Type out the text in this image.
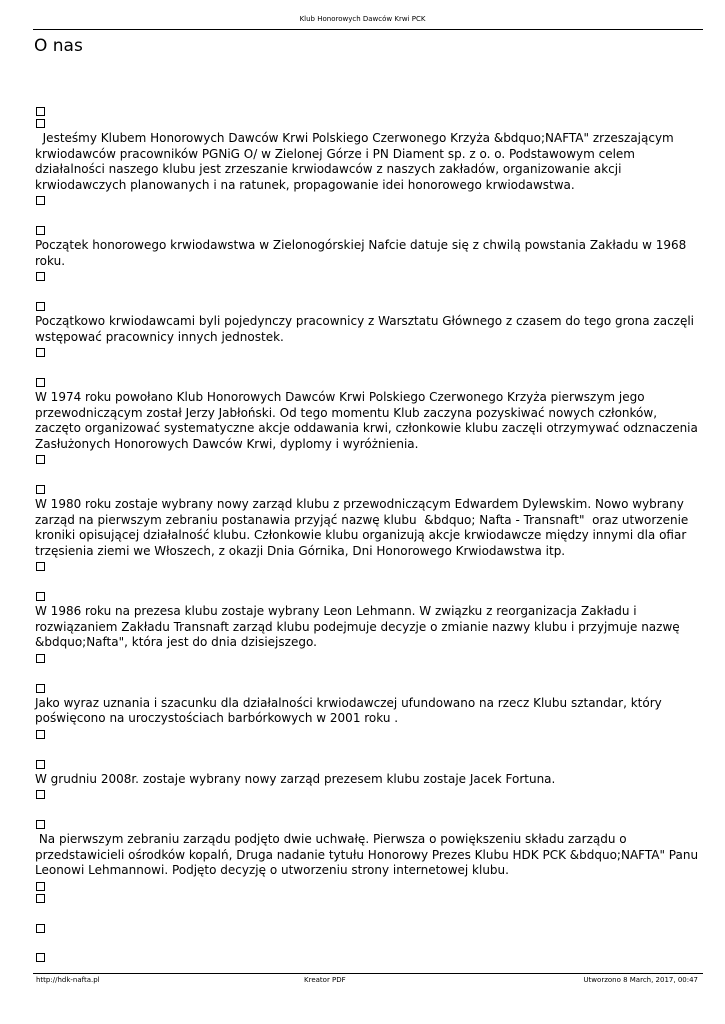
Klub Honorowych Dawców Krwi PCK
O nas

Jesteśmy Klubem Honorowych Dawców Krwi Polskiego Czerwonego Krzyża &bdquo;NAFTA" zrzeszającym krwiodawców pracowników PGNiG O/ w Zielonej Górze i PN Diament sp. z o. o. Podstawowym celem działalności naszego klubu jest zrzeszanie krwiodawców z naszych zakładów, organizowanie akcji krwiodawczych planowanych i na ratunek, propagowanie idei honorowego krwiodawstwa.

Początek honorowego krwiodawstwa w Zielonogórskiej Nafcie datuje się z chwilą powstania Zakładu w 1968 roku.

Początkowo krwiodawcami byli pojedynczy pracownicy z Warsztatu Głównego z czasem do tego grona zaczęli wstępować pracownicy innych jednostek.

W 1974 roku powołano Klub Honorowych Dawców Krwi Polskiego Czerwonego Krzyża pierwszym jego przewodniczącym został Jerzy Jabłoński. Od tego momentu Klub zaczyna pozyskiwać nowych członków, zaczęto organizować systematyczne akcje oddawania krwi, członkowie klubu zaczęli otrzymywać odznaczenia Zasłużonych Honorowych Dawców Krwi, dyplomy i wyróżnienia.

W 1980 roku zostaje wybrany nowy zarząd klubu z przewodniczącym Edwardem Dylewskim. Nowo wybrany zarząd na pierwszym zebraniu postanawia przyjąć nazwę klubu  &bdquo; Nafta - Transnaft"  oraz utworzenie kroniki opisującej działalność klubu. Członkowie klubu organizują akcje krwiodawcze między innymi dla ofiar trzęsienia ziemi we Włoszech, z okazji Dnia Górnika, Dni Honorowego Krwiodawstwa itp.

W 1986 roku na prezesa klubu zostaje wybrany Leon Lehmann. W związku z reorganizacja Zakładu i rozwiązaniem Zakładu Transnaft zarząd klubu podejmuje decyzje o zmianie nazwy klubu i przyjmuje nazwę &bdquo;Nafta", która jest do dnia dzisiejszego.

Jako wyraz uznania i szacunku dla działalności krwiodawczej ufundowano na rzecz Klubu sztandar, który poświęcono na uroczystościach barbórkowych w 2001 roku .

W grudniu 2008r. zostaje wybrany nowy zarząd prezesem klubu zostaje Jacek Fortuna.

Na pierwszym zebraniu zarządu podjęto dwie uchwałę. Pierwsza o powiększeniu składu zarządu o przedstawicieli ośrodków kopalń, Druga nadanie tytułu Honorowy Prezes Klubu HDK PCK &bdquo;NAFTA" Panu Leonowi Lehmannowi. Podjęto decyzję o utworzeniu strony internetowej klubu.

http://hdk-nafta.pl	Kreator PDF	Utworzono 8 March, 2017, 00:47
